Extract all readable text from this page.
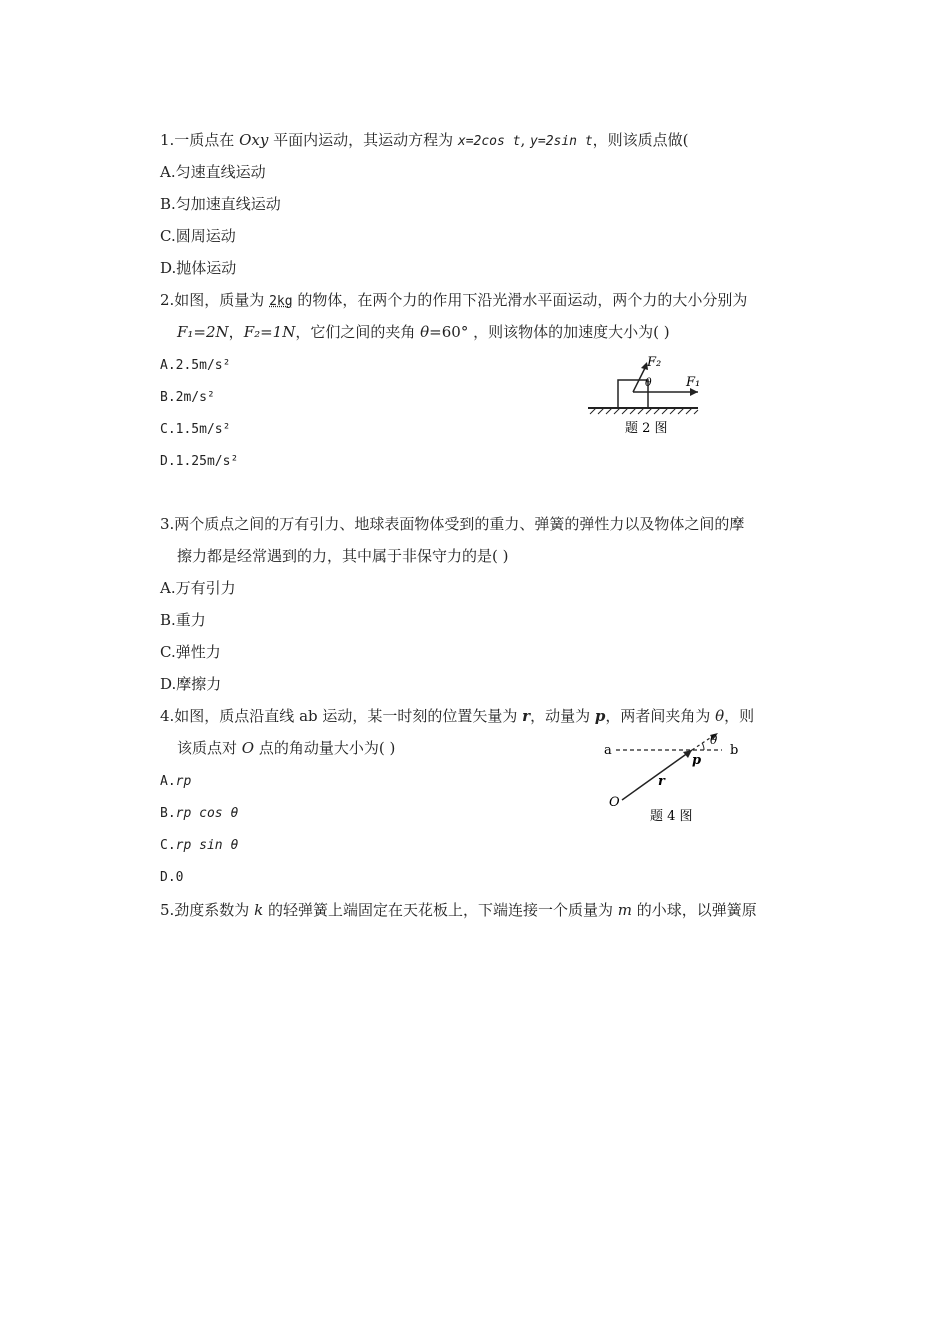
1.一质点在 Oxy 平面内运动，其运动方程为 x=2cos t, y=2sin t，则该质点做(
A.匀速直线运动
B.匀加速直线运动
C.圆周运动
D.抛体运动
2.如图，质量为 2kg 的物体，在两个力的作用下沿光滑水平面运动，两个力的大小分别为
F₁=2N，F₂=1N，它们之间的夹角 θ=60° ，则该物体的加速度大小为( )
A.2.5m/s²
B.2m/s²
C.1.5m/s²
D.1.25m/s²
F₂
F₁
θ
题 2 图
3.两个质点之间的万有引力、地球表面物体受到的重力、弹簧的弹性力以及物体之间的摩
擦力都是经常遇到的力，其中属于非保守力的是( )
A.万有引力
B.重力
C.弹性力
D.摩擦力
4.如图，质点沿直线 ab 运动，某一时刻的位置矢量为 r，动量为 p，两者间夹角为 θ，则
该质点对 O 点的角动量大小为( )
A.rp
B.rp cos θ
C.rp sin θ
D.0
a	b
θ
p
r
O
题 4 图
5.劲度系数为 k 的轻弹簧上端固定在天花板上，下端连接一个质量为 m 的小球，以弹簧原
